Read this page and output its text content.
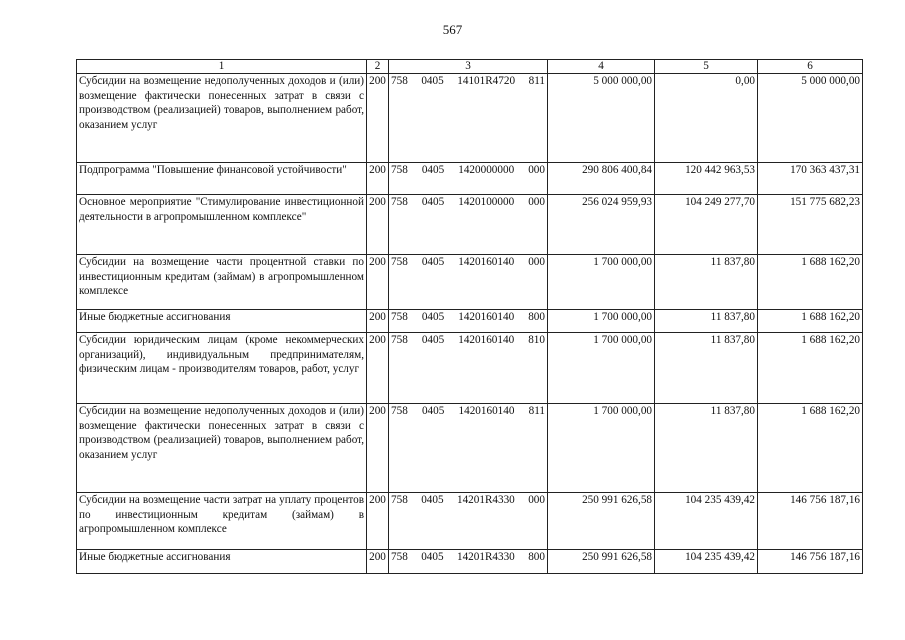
567
1	2	3	4	5	6
Субсидии на возмещение недополученных доходов и (или) возмещение фактически понесенных затрат в связи с производством (реализацией) товаров, выполнением работ, оказанием услуг	200	758 0405 14101R4720 811	5 000 000,00	0,00	5 000 000,00
Подпрограмма "Повышение финансовой устойчивости"	200	758 0405 1420000000 000	290 806 400,84	120 442 963,53	170 363 437,31
Основное мероприятие "Стимулирование инвестиционной деятельности в агропромышленном комплексе"	200	758 0405 1420100000 000	256 024 959,93	104 249 277,70	151 775 682,23
Субсидии на возмещение части процентной ставки по инвестиционным кредитам (займам) в агропромышленном комплексе	200	758 0405 1420160140 000	1 700 000,00	11 837,80	1 688 162,20
Иные бюджетные ассигнования	200	758 0405 1420160140 800	1 700 000,00	11 837,80	1 688 162,20
Субсидии юридическим лицам (кроме некоммерческих организаций), индивидуальным предпринимателям, физическим лицам - производителям товаров, работ, услуг	200	758 0405 1420160140 810	1 700 000,00	11 837,80	1 688 162,20
Субсидии на возмещение недополученных доходов и (или) возмещение фактически понесенных затрат в связи с производством (реализацией) товаров, выполнением работ, оказанием услуг	200	758 0405 1420160140 811	1 700 000,00	11 837,80	1 688 162,20
Субсидии на возмещение части затрат на уплату процентов по инвестиционным кредитам (займам) в агропромышленном комплексе	200	758 0405 14201R4330 000	250 991 626,58	104 235 439,42	146 756 187,16
Иные бюджетные ассигнования	200	758 0405 14201R4330 800	250 991 626,58	104 235 439,42	146 756 187,16
